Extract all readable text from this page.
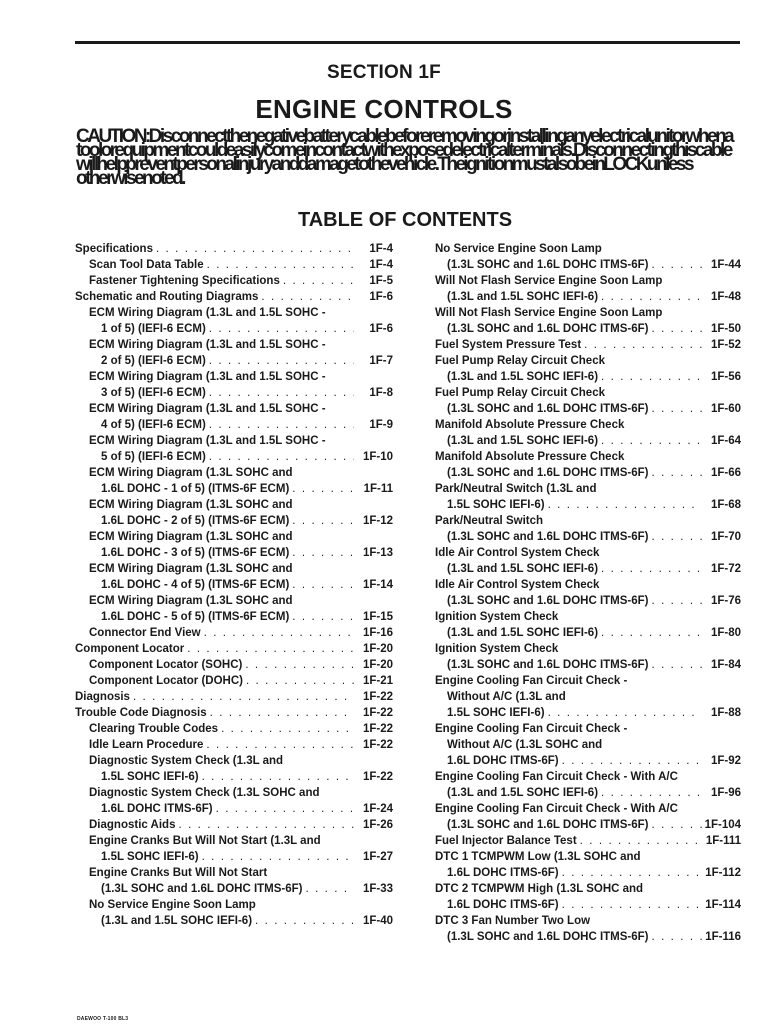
SECTION 1F
ENGINE CONTROLS
CAUTION: Disconnect the negative battery cable before removing or installing any electrical unit or when a tool or equipment could easily come in contact with exposed electrical terminals. Disconnecting this cable will help prevent personal injury and damage to the vehicle. The ignition must also be in LOCK unless otherwise noted.
TABLE OF CONTENTS
Specifications . . .	1F-4
Scan Tool Data Table . . .	1F-4
Fastener Tightening Specifications . . .	1F-5
Schematic and Routing Diagrams . . .	1F-6
ECM Wiring Diagram (1.3L and 1.5L SOHC -
1 of 5) (IEFI-6 ECM) . . .	1F-6
ECM Wiring Diagram (1.3L and 1.5L SOHC -
2 of 5) (IEFI-6 ECM) . . .	1F-7
ECM Wiring Diagram (1.3L and 1.5L SOHC -
3 of 5) (IEFI-6 ECM) . . .	1F-8
ECM Wiring Diagram (1.3L and 1.5L SOHC -
4 of 5) (IEFI-6 ECM) . . .	1F-9
ECM Wiring Diagram (1.3L and 1.5L SOHC -
5 of 5) (IEFI-6 ECM) . . .	1F-10
ECM Wiring Diagram (1.3L SOHC and
1.6L DOHC - 1 of 5) (ITMS-6F ECM) . . .	1F-11
ECM Wiring Diagram (1.3L SOHC and
1.6L DOHC - 2 of 5) (ITMS-6F ECM) . . .	1F-12
ECM Wiring Diagram (1.3L SOHC and
1.6L DOHC - 3 of 5) (ITMS-6F ECM) . . .	1F-13
ECM Wiring Diagram (1.3L SOHC and
1.6L DOHC - 4 of 5) (ITMS-6F ECM) . . .	1F-14
ECM Wiring Diagram (1.3L SOHC and
1.6L DOHC - 5 of 5) (ITMS-6F ECM) . . .	1F-15
Connector End View . . .	1F-16
Component Locator . . .	1F-20
Component Locator (SOHC) . . .	1F-20
Component Locator (DOHC) . . .	1F-21
Diagnosis . . .	1F-22
Trouble Code Diagnosis . . .	1F-22
Clearing Trouble Codes . . .	1F-22
Idle Learn Procedure . . .	1F-22
Diagnostic System Check (1.3L and
1.5L SOHC IEFI-6) . . .	1F-22
Diagnostic System Check (1.3L SOHC and
1.6L DOHC ITMS-6F) . . .	1F-24
Diagnostic Aids . . .	1F-26
Engine Cranks But Will Not Start (1.3L and
1.5L SOHC IEFI-6) . . .	1F-27
Engine Cranks But Will Not Start
(1.3L SOHC and 1.6L DOHC ITMS-6F) . . .	1F-33
No Service Engine Soon Lamp
(1.3L and 1.5L SOHC IEFI-6) . . .	1F-40
No Service Engine Soon Lamp
(1.3L SOHC and 1.6L DOHC ITMS-6F) . . .	1F-44
Will Not Flash Service Engine Soon Lamp
(1.3L and 1.5L SOHC IEFI-6) . . .	1F-48
Will Not Flash Service Engine Soon Lamp
(1.3L SOHC and 1.6L DOHC ITMS-6F) . . .	1F-50
Fuel System Pressure Test . . .	1F-52
Fuel Pump Relay Circuit Check
(1.3L and 1.5L SOHC IEFI-6) . . .	1F-56
Fuel Pump Relay Circuit Check
(1.3L SOHC and 1.6L DOHC ITMS-6F) . . .	1F-60
Manifold Absolute Pressure Check
(1.3L and 1.5L SOHC IEFI-6) . . .	1F-64
Manifold Absolute Pressure Check
(1.3L SOHC and 1.6L DOHC ITMS-6F) . . .	1F-66
Park/Neutral Switch (1.3L and
1.5L SOHC IEFI-6) . . .	1F-68
Park/Neutral Switch
(1.3L SOHC and 1.6L DOHC ITMS-6F) . . .	1F-70
Idle Air Control System Check
(1.3L and 1.5L SOHC IEFI-6) . . .	1F-72
Idle Air Control System Check
(1.3L SOHC and 1.6L DOHC ITMS-6F) . . .	1F-76
Ignition System Check
(1.3L and 1.5L SOHC IEFI-6) . . .	1F-80
Ignition System Check
(1.3L SOHC and 1.6L DOHC ITMS-6F) . . .	1F-84
Engine Cooling Fan Circuit Check -
Without A/C (1.3L and
1.5L SOHC IEFI-6) . . .	1F-88
Engine Cooling Fan Circuit Check -
Without A/C (1.3L SOHC and
1.6L DOHC ITMS-6F) . . .	1F-92
Engine Cooling Fan Circuit Check - With A/C
(1.3L and 1.5L SOHC IEFI-6) . . .	1F-96
Engine Cooling Fan Circuit Check - With A/C
(1.3L SOHC and 1.6L DOHC ITMS-6F) . . .	1F-104
Fuel Injector Balance Test . . .	1F-111
DTC 1 TCMPWM Low (1.3L SOHC and
1.6L DOHC ITMS-6F) . . .	1F-112
DTC 2 TCMPWM High (1.3L SOHC and
1.6L DOHC ITMS-6F) . . .	1F-114
DTC 3 Fan Number Two Low
(1.3L SOHC and 1.6L DOHC ITMS-6F) . . .	1F-116
DAEWOO T-100 BL3
